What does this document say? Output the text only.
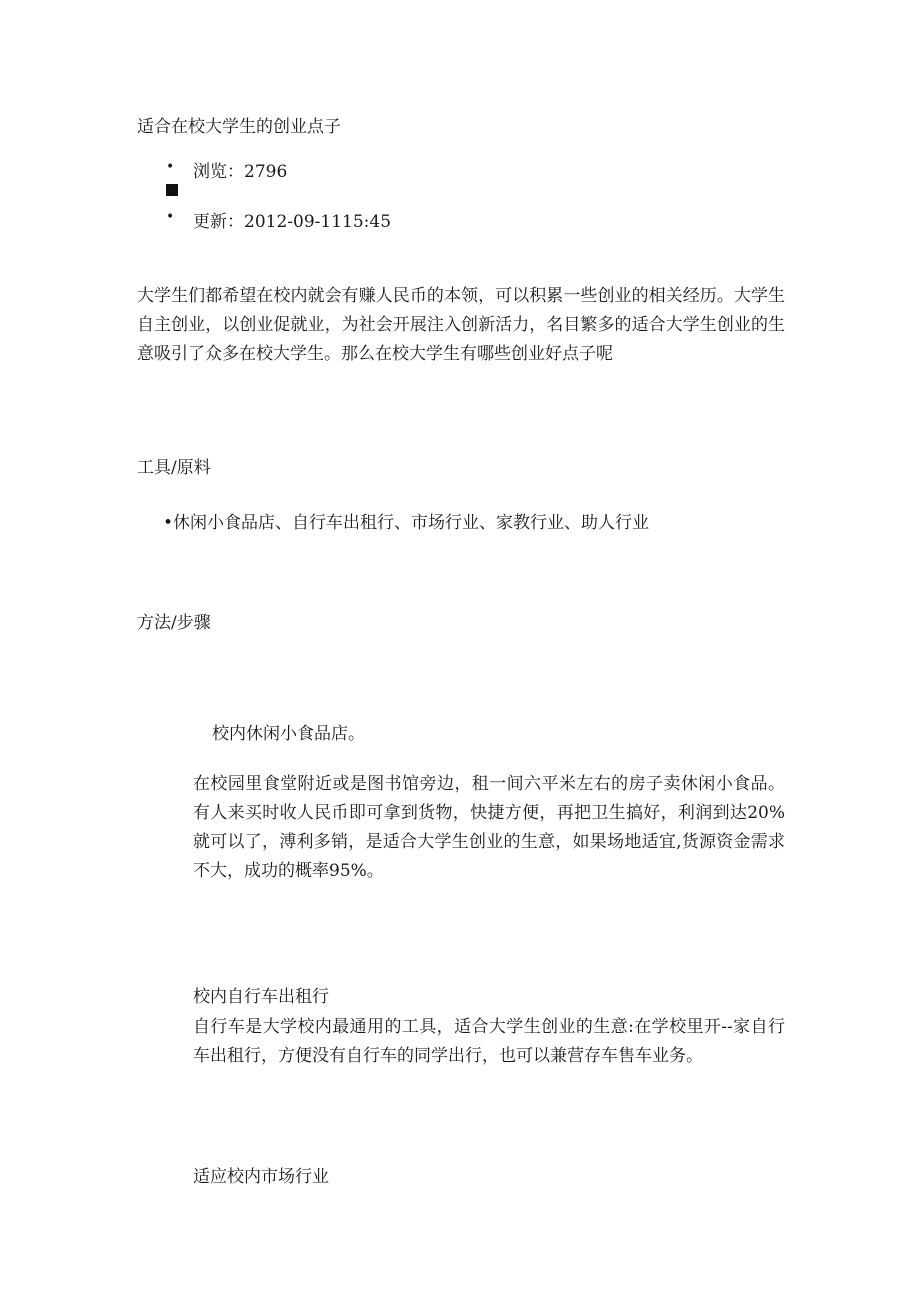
适合在校大学生的创业点子
• 浏览：2796
• 更新：2012-09-1115:45
大学生们都希望在校内就会有赚人民币的本领，可以积累一些创业的相关经历。大学生自主创业，以创业促就业，为社会开展注入创新活力，名目繁多的适合大学生创业的生意吸引了众多在校大学生。那么在校大学生有哪些创业好点子呢
工具/原料
•休闲小食品店、自行车出租行、市场行业、家教行业、助人行业
方法/步骤
校内休闲小食品店。
在校园里食堂附近或是图书馆旁边，租一间六平米左右的房子卖休闲小食品。有人来买时收人民币即可拿到货物，快捷方便，再把卫生搞好，利润到达20%就可以了，溥利多销，是适合大学生创业的生意，如果场地适宜,货源资金需求不大，成功的概率95%。
校内自行车出租行
自行车是大学校内最通用的工具，适合大学生创业的生意:在学校里开--家自行车出租行，方便没有自行车的同学出行，也可以兼营存车售车业务。
适应校内市场行业
